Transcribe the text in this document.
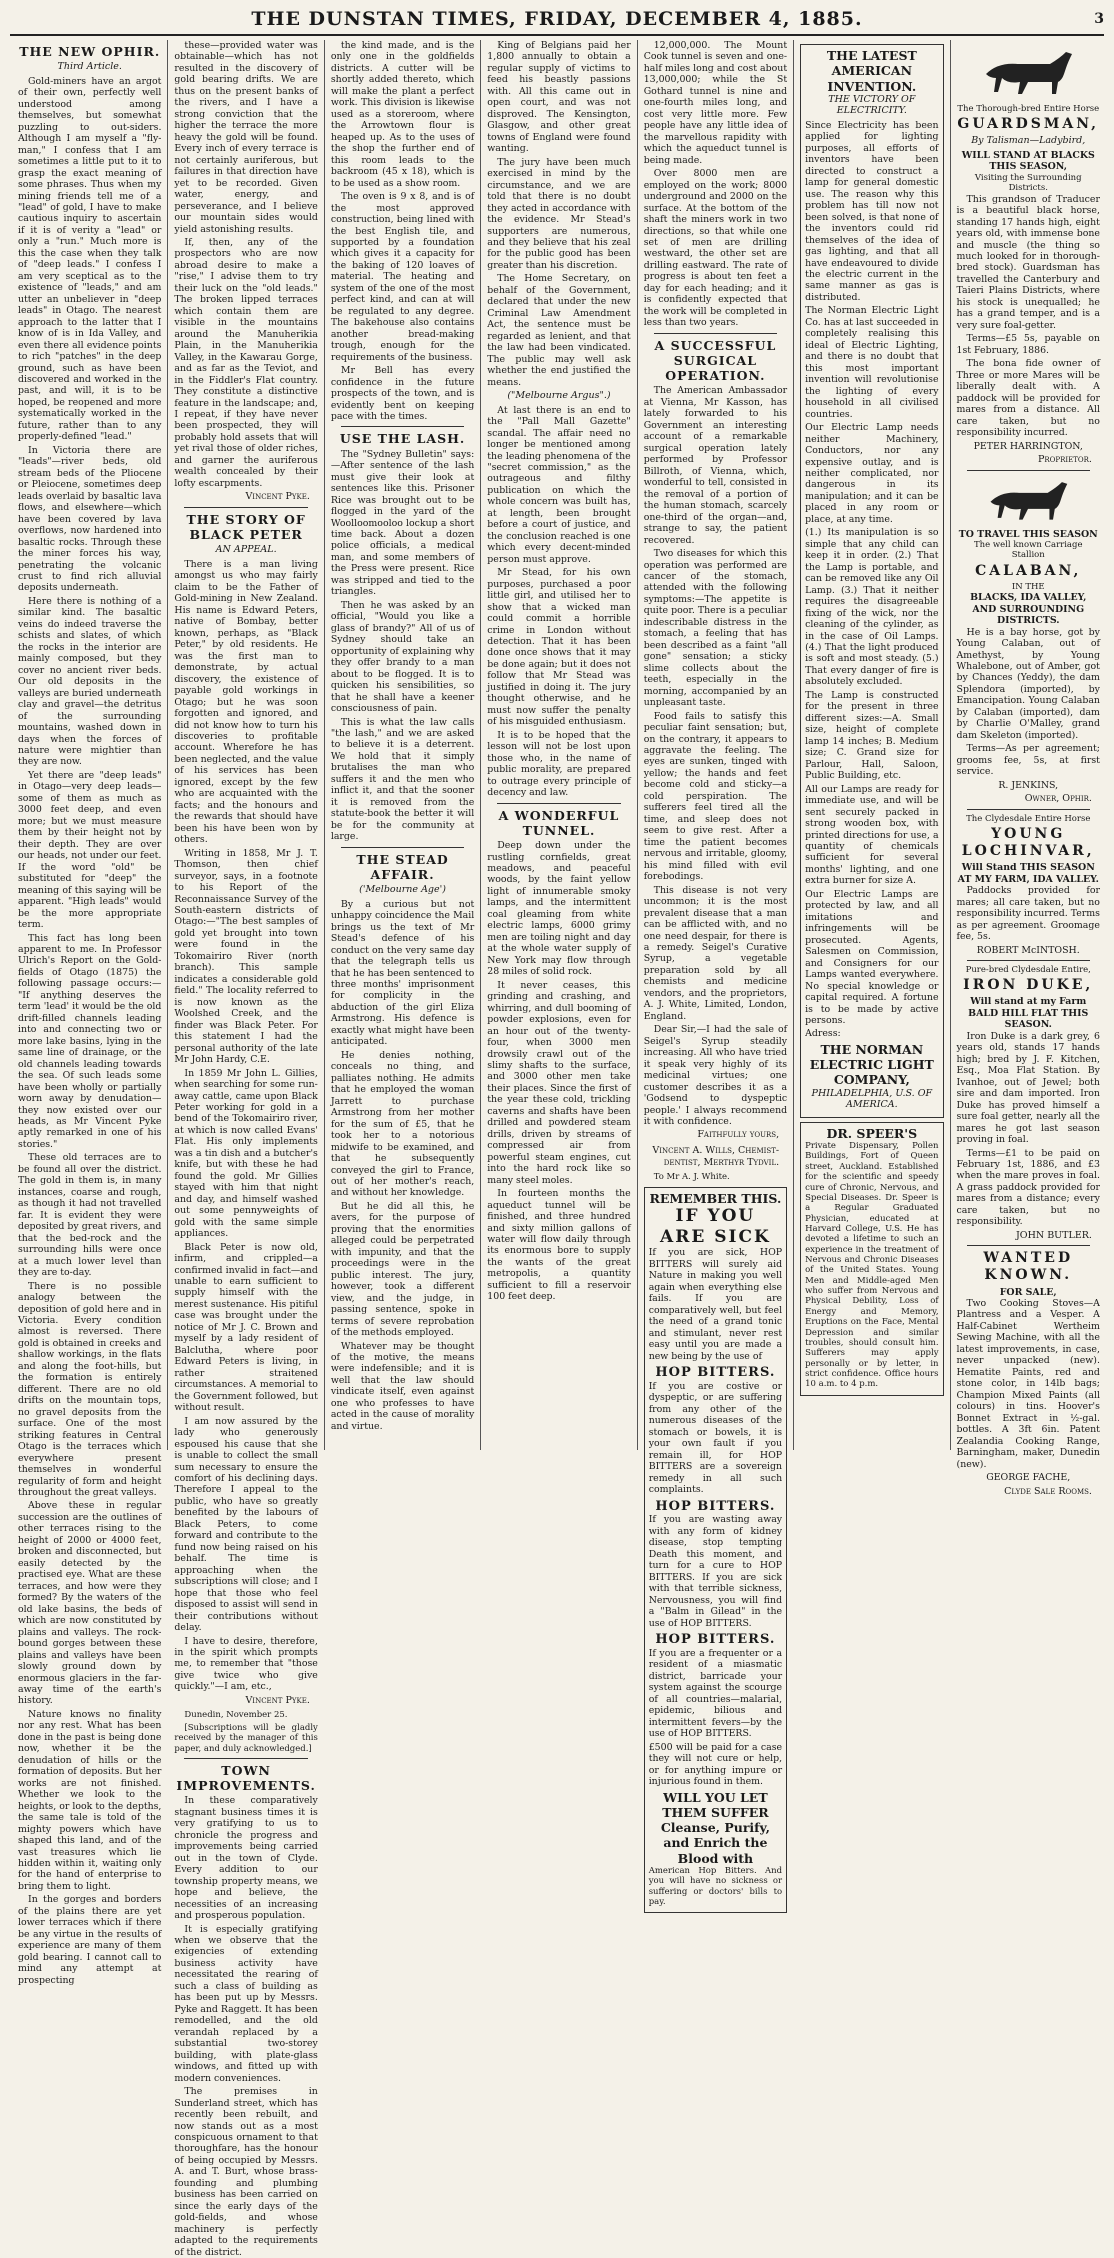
THE DUNSTAN TIMES, FRIDAY, DECEMBER 4, 1885.	3
THE NEW OPHIR.
Third Article.

Gold-miners have an argot of their own, perfectly well understood among themselves, but somewhat puzzling to out-siders. Although I am myself a "fly-man," I confess that I am sometimes a little put to it to grasp the exact meaning of some phrases. Thus when my mining friends tell me of a "lead" of gold, I have to make cautious inquiry to ascertain if it is of verity a "lead" or only a "run." Much more is this the case when they talk of "deep leads." I confess I am very sceptical as to the existence of "leads," and am utter an unbeliever in "deep leads" in Otago. The nearest approach to the latter that I know of is in Ida Valley, and even there all evidence points to rich "patches" in the deep ground, such as have been discovered and worked in the past, and will, it is to be hoped, be reopened and more systematically worked in the future, rather than to any properly-defined "lead."

In Victoria there are "leads"—river beds, old stream beds of the Pliocene or Pleiocene, sometimes deep leads overlaid by basaltic lava flows, and elsewhere—which have been covered by lava overflows, now hardened into basaltic rocks. Through these the miner forces his way, penetrating the volcanic crust to find rich alluvial deposits underneath.

Here there is nothing of a similar kind. The basaltic veins do indeed traverse the schists and slates, of which the rocks in the interior are mainly composed, but they cover no ancient river beds. Our old deposits in the valleys are buried underneath clay and gravel—the detritus of the surrounding mountains, washed down in days when the forces of nature were mightier than they are now.

Yet there are "deep leads" in Otago—very deep leads—some of them as much as 3000 feet deep, and even more; but we must measure them by their height not by their depth. They are over our heads, not under our feet. If the word "old" be substituted for "deep" the meaning of this saying will be apparent. "High leads" would be the more appropriate term.

This fact has long been apparent to me. In Professor Ulrich's Report on the Gold-fields of Otago (1875) the following passage occurs:— "If anything deserves the term 'lead' it would be the old drift-filled channels leading into and connecting two or more lake basins, lying in the same line of drainage, or the old channels leading towards the sea. Of such leads some have been wholly or partially worn away by denudation—they now existed over our heads, as Mr Vincent Pyke aptly remarked in one of his stories."

These old terraces are to be found all over the district. The gold in them is, in many instances, coarse and rough, as though it had not travelled far. It is evident they were deposited by great rivers, and that the bed-rock and the surrounding hills were once at a much lower level than they are to-day.

There is no possible analogy between the deposition of gold here and in Victoria. Every condition almost is reversed. There gold is obtained in creeks and shallow workings, in the flats and along the foot-hills, but the formation is entirely different. There are no old drifts on the mountain tops, no gravel deposits from the surface. One of the most striking features in Central Otago is the terraces which everywhere present themselves in wonderful regularity of form and height throughout the great valleys.

Above these in regular succession are the outlines of other terraces rising to the height of 2000 or 4000 feet, broken and disconnected, but easily detected by the practised eye. What are these terraces, and how were they formed? By the waters of the old lake basins, the beds of which are now constituted by plains and valleys. The rock-bound gorges between these plains and valleys have been slowly ground down by enormous glaciers in the far-away time of the earth's history.

Nature knows no finality nor any rest. What has been done in the past is being done now, whether it be the denudation of hills or the formation of deposits. But her works are not finished. Whether we look to the heights, or look to the depths, the same tale is told of the mighty powers which have shaped this land, and of the vast treasures which lie hidden within it, waiting only for the hand of enterprise to bring them to light.

In the gorges and borders of the plains there are yet lower terraces which if there be any virtue in the results of experience are many of them gold bearing. I cannot call to mind any attempt at prospecting

these—provided water was obtainable—which has not resulted in the discovery of gold bearing drifts. We are thus on the present banks of the rivers, and I have a strong conviction that the higher the terrace the more heavy the gold will be found. Every inch of every terrace is not certainly auriferous, but failures in that direction have yet to be recorded. Given water, energy, and perseverance, and I believe our mountain sides would yield astonishing results.

If, then, any of the prospectors who are now abroad desire to make a "rise," I advise them to try their luck on the "old leads." The broken lipped terraces which contain them are visible in the mountains around the Manuherikia Plain, in the Manuherikia Valley, in the Kawarau Gorge, and as far as the Teviot, and in the Fiddler's Flat country. They constitute a distinctive feature in the landscape; and, I repeat, if they have never been prospected, they will probably hold assets that will yet rival those of older riches, and garner the auriferous wealth concealed by their lofty escarpments.

Vincent Pyke.
THE STORY OF BLACK PETER
AN APPEAL.

There is a man living amongst us who may fairly claim to be the Father of Gold-mining in New Zealand. His name is Edward Peters, native of Bombay, better known, perhaps, as "Black Peter," by old residents. He was the first man to demonstrate, by actual discovery, the existence of payable gold workings in Otago; but he was soon forgotten and ignored, and did not know how to turn his discoveries to profitable account. Wherefore he has been neglected, and the value of his services has been ignored, except by the few who are acquainted with the facts; and the honours and the rewards that should have been his have been won by others.

Writing in 1858, Mr J. T. Thomson, then chief surveyor, says, in a footnote to his Report of the Reconnaissance Survey of the South-eastern districts of Otago:—"The best samples of gold yet brought into town were found in the Tokomairiro River (north branch). This sample indicates a considerable gold field." The locality referred to is now known as the Woolshed Creek, and the finder was Black Peter. For this statement I had the personal authority of the late Mr John Hardy, C.E.

In 1859 Mr John L. Gillies, when searching for some run-away cattle, came upon Black Peter working for gold in a bend of the Tokomairiro river, at which is now called Evans' Flat. His only implements was a tin dish and a butcher's knife, but with these he had found the gold. Mr Gillies stayed with him that night and day, and himself washed out some pennyweights of gold with the same simple appliances.

Black Peter is now old, infirm, and crippled—a confirmed invalid in fact—and unable to earn sufficient to supply himself with the merest sustenance. His pitiful case was brought under the notice of Mr J. C. Brown and myself by a lady resident of Balclutha, where poor Edward Peters is living, in rather straitened circumstances. A memorial to the Government followed, but without result.

I am now assured by the lady who generously espoused his cause that she is unable to collect the small sum necessary to ensure the comfort of his declining days. Therefore I appeal to the public, who have so greatly benefited by the labours of Black Peters, to come forward and contribute to the fund now being raised on his behalf. The time is approaching when the subscriptions will close; and I hope that those who feel disposed to assist will send in their contributions without delay.

I have to desire, therefore, in the spirit which prompts me, to remember that "those give twice who give quickly."—I am, etc.,

Vincent Pyke.

Dunedin, November 25.

[Subscriptions will be gladly received by the manager of this paper, and duly acknowledged.]

TOWN IMPROVEMENTS.

In these comparatively stagnant business times it is very gratifying to us to chronicle the progress and improvements being carried out in the town of Clyde. Every addition to our township property means, we hope and believe, the necessities of an increasing and prosperous population.

It is especially gratifying when we observe that the exigencies of extending business activity have necessitated the rearing of such a class of building as has been put up by Messrs. Pyke and Raggett. It has been remodelled, and the old verandah replaced by a substantial two-storey building, with plate-glass windows, and fitted up with modern conveniences.

The premises in Sunderland street, which has recently been rebuilt, and now stands out as a most conspicuous ornament to that thoroughfare, has the honour of being occupied by Messrs. A. and T. Burt, whose brass-founding and plumbing business has been carried on since the early days of the gold-fields, and whose machinery is perfectly adapted to the requirements of the district.

the kind made, and is the only one in the goldfields districts. A cutter will be shortly added thereto, which will make the plant a perfect work. This division is likewise used as a storeroom, where the Arrowtown flour is heaped up. As to the uses of the shop the further end of this room leads to the backroom (45 x 18), which is to be used as a show room.

The oven is 9 x 8, and is of the most approved construction, being lined with the best English tile, and supported by a foundation which gives it a capacity for the baking of 120 loaves of material. The heating and system of the one of the most perfect kind, and can at will be regulated to any degree. The bakehouse also contains another bread-making trough, enough for the requirements of the business.

Mr Bell has every confidence in the future prospects of the town, and is evidently bent on keeping pace with the times.

USE THE LASH.

The "Sydney Bulletin" says:—After sentence of the lash must give their look at sentences like this. Prisoner Rice was brought out to be flogged in the yard of the Woolloomooloo lockup a short time back. About a dozen police officials, a medical man, and some members of the Press were present. Rice was stripped and tied to the triangles.

Then he was asked by an official, "Would you like a glass of brandy?" All of us of Sydney should take an opportunity of explaining why they offer brandy to a man about to be flogged. It is to quicken his sensibilities, so that he shall have a keener consciousness of pain.

This is what the law calls "the lash," and we are asked to believe it is a deterrent. We hold that it simply brutalises the man who suffers it and the men who inflict it, and that the sooner it is removed from the statute-book the better it will be for the community at large.

THE STEAD AFFAIR.
('Melbourne Age')

By a curious but not unhappy coincidence the Mail brings us the text of Mr Stead's defence of his conduct on the very same day that the telegraph tells us that he has been sentenced to three months' imprisonment for complicity in the abduction of the girl Eliza Armstrong. His defence is exactly what might have been anticipated.

He denies nothing, conceals no thing, and palliates nothing. He admits that he employed the woman Jarrett to purchase Armstrong from her mother for the sum of £5, that he took her to a notorious midwife to be examined, and that he subsequently conveyed the girl to France, out of her mother's reach, and without her knowledge.

But he did all this, he avers, for the purpose of proving that the enormities alleged could be perpetrated with impunity, and that the proceedings were in the public interest. The jury, however, took a different view, and the judge, in passing sentence, spoke in terms of severe reprobation of the methods employed.

Whatever may be thought of the motive, the means were indefensible; and it is well that the law should vindicate itself, even against one who professes to have acted in the cause of morality and virtue.

King of Belgians paid her 1,800 annually to obtain a regular supply of victims to feed his beastly passions with. All this came out in open court, and was not disproved. The Kensington, Glasgow, and other great towns of England were found wanting.

The jury have been much exercised in mind by the circumstance, and we are told that there is no doubt they acted in accordance with the evidence. Mr Stead's supporters are numerous, and they believe that his zeal for the public good has been greater than his discretion.

The Home Secretary, on behalf of the Government, declared that under the new Criminal Law Amendment Act, the sentence must be regarded as lenient, and that the law had been vindicated. The public may well ask whether the end justified the means.

("Melbourne Argus".)

At last there is an end to the "Pall Mall Gazette" scandal. The affair need no longer be mentioned among the leading phenomena of the "secret commission," as the outrageous and filthy publication on which the whole concern was built has, at length, been brought before a court of justice, and the conclusion reached is one which every decent-minded person must approve.

Mr Stead, for his own purposes, purchased a poor little girl, and utilised her to show that a wicked man could commit a horrible crime in London without detection. That it has been done once shows that it may be done again; but it does not follow that Mr Stead was justified in doing it. The jury thought otherwise, and he must now suffer the penalty of his misguided enthusiasm.

It is to be hoped that the lesson will not be lost upon those who, in the name of public morality, are prepared to outrage every principle of decency and law.

A WONDERFUL TUNNEL.

Deep down under the rustling cornfields, great meadows, and peaceful woods, by the faint yellow light of innumerable smoky lamps, and the intermittent coal gleaming from white electric lamps, 6000 grimy men are toiling night and day at the whole water supply of New York may flow through 28 miles of solid rock.

It never ceases, this grinding and crashing, and whirring, and dull booming of powder explosions, even for an hour out of the twenty-four, when 3000 men drowsily crawl out of the slimy shafts to the surface, and 3000 other men take their places. Since the first of the year these cold, trickling caverns and shafts have been drilled and powdered steam drills, driven by streams of compressed air from powerful steam engines, cut into the hard rock like so many steel moles.

In fourteen months the aqueduct tunnel will be finished, and three hundred and sixty million gallons of water will flow daily through its enormous bore to supply the wants of the great metropolis, a quantity sufficient to fill a reservoir 100 feet deep.

12,000,000. The Mount Cook tunnel is seven and one-half miles long and cost about 13,000,000; while the St Gothard tunnel is nine and one-fourth miles long, and cost very little more. Few people have any little idea of the marvellous rapidity with which the aqueduct tunnel is being made.

Over 8000 men are employed on the work; 8000 underground and 2000 on the surface. At the bottom of the shaft the miners work in two directions, so that while one set of men are drilling westward, the other set are drilling eastward. The rate of progress is about ten feet a day for each heading; and it is confidently expected that the work will be completed in less than two years.

A SUCCESSFUL SURGICAL OPERATION.

The American Ambassador at Vienna, Mr Kasson, has lately forwarded to his Government an interesting account of a remarkable surgical operation lately performed by Professor Billroth, of Vienna, which, wonderful to tell, consisted in the removal of a portion of the human stomach, scarcely one-third of the organ—and, strange to say, the patient recovered.

Two diseases for which this operation was performed are cancer of the stomach, attended with the following symptoms:—The appetite is quite poor. There is a peculiar indescribable distress in the stomach, a feeling that has been described as a faint "all gone" sensation; a sticky slime collects about the teeth, especially in the morning, accompanied by an unpleasant taste.

Food fails to satisfy this peculiar faint sensation; but, on the contrary, it appears to aggravate the feeling. The eyes are sunken, tinged with yellow; the hands and feet become cold and sticky—a cold perspiration. The sufferers feel tired all the time, and sleep does not seem to give rest. After a time the patient becomes nervous and irritable, gloomy, his mind filled with evil forebodings.

This disease is not very uncommon; it is the most prevalent disease that a man can be afflicted with, and no one need despair, for there is a remedy. Seigel's Curative Syrup, a vegetable preparation sold by all chemists and medicine vendors, and the proprietors, A. J. White, Limited, London, England.

Dear Sir,—I had the sale of Seigel's Syrup steadily increasing. All who have tried it speak very highly of its medicinal virtues; one customer describes it as a 'Godsend to dyspeptic people.' I always recommend it with confidence.

Faithfully yours,
Vincent A. Wills, Chemist-dentist, Merthyr Tydvil.

To Mr A. J. White.

REMEMBER THIS.
IF YOU ARE SICK

If you are sick, HOP BITTERS will surely aid Nature in making you well again when everything else fails. If you are comparatively well, but feel the need of a grand tonic and stimulant, never rest easy until you are made a new being by the use of

HOP BITTERS.

If you are costive or dyspeptic, or are suffering from any other of the numerous diseases of the stomach or bowels, it is your own fault if you remain ill, for HOP BITTERS are a sovereign remedy in all such complaints.

HOP BITTERS.

If you are wasting away with any form of kidney disease, stop tempting Death this moment, and turn for a cure to HOP BITTERS. If you are sick with that terrible sickness, Nervousness, you will find a "Balm in Gilead" in the use of HOP BITTERS.

HOP BITTERS.

If you are a frequenter or a resident of a miasmatic district, barricade your system against the scourge of all countries—malarial, epidemic, bilious and intermittent fevers—by the use of HOP BITTERS.

£500 will be paid for a case they will not cure or help, or for anything impure or injurious found in them.

WILL YOU LET THEM SUFFER
Cleanse, Purify, and Enrich the Blood with

American Hop Bitters. And you will have no sickness or suffering or doctors' bills to pay.

THE LATEST AMERICAN INVENTION.
THE VICTORY OF ELECTRICITY.

Since Electricity has been applied for lighting purposes, all efforts of inventors have been directed to construct a lamp for general domestic use. The reason why this problem has till now not been solved, is that none of the inventors could rid themselves of the idea of gas lighting, and that all have endeavoured to divide the electric current in the same manner as gas is distributed.

The Norman Electric Light Co. has at last succeeded in completely realising this ideal of Electric Lighting, and there is no doubt that this most important invention will revolutionise the lighting of every household in all civilised countries.

Our Electric Lamp needs neither Machinery, Conductors, nor any expensive outlay, and is neither complicated, nor dangerous in its manipulation; and it can be placed in any room or place, at any time.

(1.) Its manipulation is so simple that any child can keep it in order. (2.) That the Lamp is portable, and can be removed like any Oil Lamp. (3.) That it neither requires the disagreeable fixing of the wick, nor the cleaning of the cylinder, as in the case of Oil Lamps. (4.) That the light produced is soft and most steady. (5.) That every danger of fire is absolutely excluded.

The Lamp is constructed for the present in three different sizes:—A. Small size, height of complete lamp 14 inches; B. Medium size; C. Grand size for Parlour, Hall, Saloon, Public Building, etc.

All our Lamps are ready for immediate use, and will be sent securely packed in strong wooden box, with printed directions for use, a quantity of chemicals sufficient for several months' lighting, and one extra burner for size A.

Our Electric Lamps are protected by law, and all imitations and infringements will be prosecuted. Agents, Salesmen on Commission, and Consigners for our Lamps wanted everywhere. No special knowledge or capital required. A fortune is to be made by active persons.

Adress:

THE NORMAN ELECTRIC LIGHT COMPANY,
PHILADELPHIA, U.S. OF AMERICA.
DR. SPEER'S

Private Dispensary, Pollen Buildings, Fort of Queen street, Auckland. Established for the scientific and speedy cure of Chronic, Nervous, and Special Diseases. Dr. Speer is a Regular Graduated Physician, educated at Harvard College, U.S. He has devoted a lifetime to such an experience in the treatment of Nervous and Chronic Diseases of the United States. Young Men and Middle-aged Men who suffer from Nervous and Physical Debility, Loss of Energy and Memory, Eruptions on the Face, Mental Depression and similar troubles, should consult him. Sufferers may apply personally or by letter, in strict confidence. Office hours 10 a.m. to 4 p.m.

The Thorough-bred Entire Horse
GUARDSMAN,
By Talisman—Ladybird,
WILL STAND AT BLACKS THIS SEASON,
Visiting the Surrounding Districts.

This grandson of Traducer is a beautiful black horse, standing 17 hands high, eight years old, with immense bone and muscle (the thing so much looked for in thorough-bred stock). Guardsman has travelled the Canterbury and Taieri Plains Districts, where his stock is unequalled; he has a grand temper, and is a very sure foal-getter.

Terms—£5 5s, payable on 1st February, 1886.

The bona fide owner of Three or more Mares will be liberally dealt with. A paddock will be provided for mares from a distance. All care taken, but no responsibility incurred.

PETER HARRINGTON,
Proprietor.
TO TRAVEL THIS SEASON
The well known Carriage Stallion
CALABAN,
IN THE
BLACKS, IDA VALLEY, AND SURROUNDING DISTRICTS.

He is a bay horse, got by Young Calaban, out of Amethyst, by Young Whalebone, out of Amber, got by Chances (Yeddy), the dam Splendora (imported), by Emancipation. Young Calaban by Calaban (imported), dam by Charlie O'Malley, grand dam Skeleton (imported).

Terms—As per agreement; grooms fee, 5s, at first service.

R. JENKINS,
Owner, Ophir.
The Clydesdale Entire Horse
YOUNG LOCHINVAR,
Will Stand THIS SEASON AT MY FARM, IDA VALLEY.

Paddocks provided for mares; all care taken, but no responsibility incurred. Terms as per agreement. Groomage fee, 5s.

ROBERT McINTOSH.
Pure-bred Clydesdale Entire,
IRON DUKE,
Will stand at my Farm BALD HILL FLAT THIS SEASON.

Iron Duke is a dark grey, 6 years old, stands 17 hands high; bred by J. F. Kitchen, Esq., Moa Flat Station. By Ivanhoe, out of Jewel; both sire and dam imported. Iron Duke has proved himself a sure foal getter, nearly all the mares he got last season proving in foal.

Terms—£1 to be paid on February 1st, 1886, and £3 when the mare proves in foal. A grass paddock provided for mares from a distance; every care taken, but no responsibility.

JOHN BUTLER.
WANTED KNOWN.
FOR SALE,

Two Cooking Stoves—A Plantress and a Vesper. A Half-Cabinet Wertheim Sewing Machine, with all the latest improvements, in case, never unpacked (new). Hematite Paints, red and stone color, in 14lb bags; Champion Mixed Paints (all colours) in tins. Hoover's Bonnet Extract in ½-gal. bottles. A 3ft 6in. Patent Zealandia Cooking Range, Barningham, maker, Dunedin (new).

GEORGE FACHE,
Clyde Sale Rooms.
